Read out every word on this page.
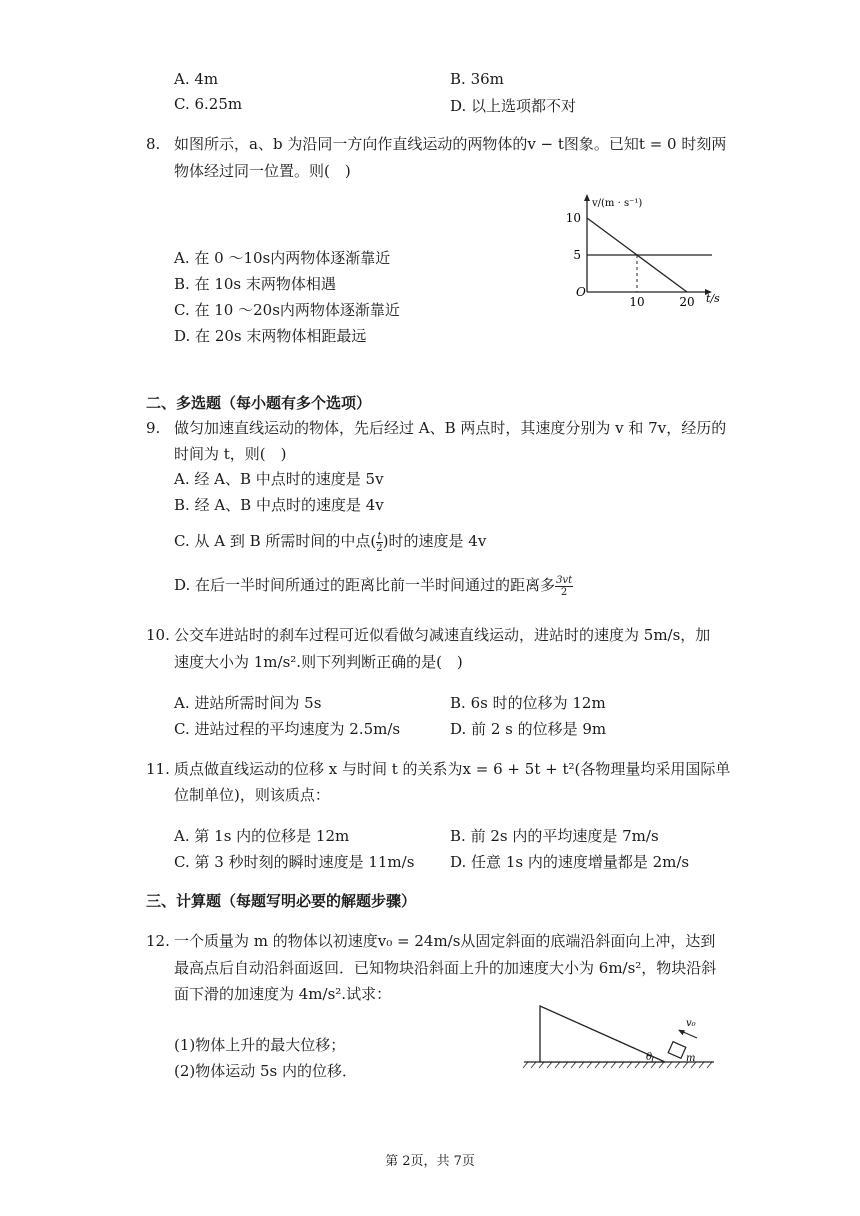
A. 4m	B. 36m
C. 6.25m	D. 以上选项都不对
8. 如图所示，a、b 为沿同一方向作直线运动的两物体的v − t图象。已知t = 0 时刻两
物体经过同一位置。则(　)
A. 在 0 ～10s内两物体逐渐靠近
B. 在 10s 末两物体相遇
C. 在 10 ～20s内两物体逐渐靠近
D. 在 20s 末两物体相距最远
5
10
10	20
O
v/(m · s⁻¹)
t/s
二、多选题（每小题有多个选项）
9. 做匀加速直线运动的物体，先后经过 A、B 两点时，其速度分别为 v 和 7v，经历的
时间为 t，则(　)
A. 经 A、B 中点时的速度是 5v
B. 经 A、B 中点时的速度是 4v
C. 从 A 到 B 所需时间的中点( $\frac{t}{2}$ )时的速度是 4v
D. 在后一半时间所通过的距离比前一半时间通过的距离多 $\frac{3vt}{2}$
10. 公交车进站时的刹车过程可近似看做匀减速直线运动，进站时的速度为 5m/s，加
速度大小为 1m/s².则下列判断正确的是(　)
A. 进站所需时间为 5s	B. 6s 时的位移为 12m
C. 进站过程的平均速度为 2.5m/s	D. 前 2 s 的位移是 9m
11. 质点做直线运动的位移 x 与时间 t 的关系为x = 6 + 5t + t²(各物理量均采用国际单
位制单位)，则该质点：
A. 第 1s 内的位移是 12m	B. 前 2s 内的平均速度是 7m/s
C. 第 3 秒时刻的瞬时速度是 11m/s D. 任意 1s 内的速度增量都是 2m/s
三、计算题（每题写明必要的解题步骤）
12. 一个质量为 m 的物体以初速度v₀ = 24m/s从固定斜面的底端沿斜面向上冲，达到
最高点后自动沿斜面返回．已知物块沿斜面上升的加速度大小为 6m/s²，物块沿斜
面下滑的加速度为 4m/s².试求：
(1)物体上升的最大位移；
(2)物体运动 5s 内的位移．
m
θ
v₀
第 2页，共 7页
